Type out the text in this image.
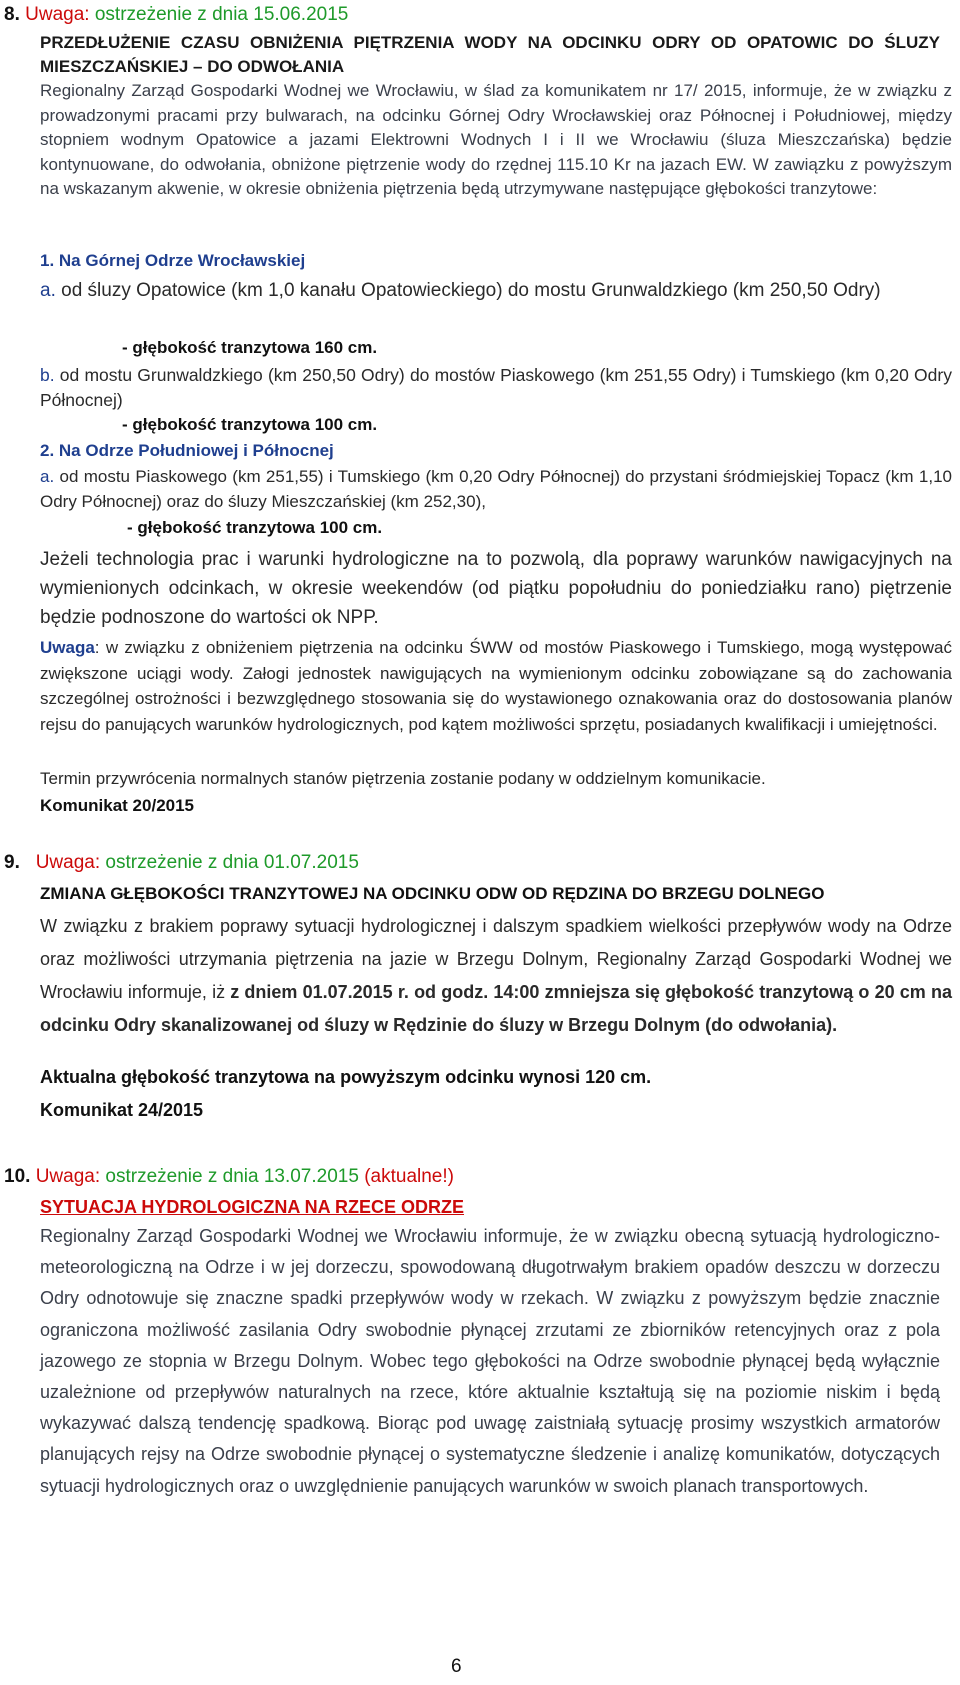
8. Uwaga: ostrzeżenie z dnia 15.06.2015
PRZEDŁUŻENIE CZASU OBNIŻENIA PIĘTRZENIA WODY NA ODCINKU ODRY OD OPATOWIC DO ŚLUZY MIESZCZAŃSKIEJ – DO ODWOŁANIA
Regionalny Zarząd Gospodarki Wodnej we Wrocławiu, w ślad za komunikatem nr 17/ 2015, informuje, że w związku z prowadzonymi pracami przy bulwarach, na odcinku Górnej Odry Wrocławskiej oraz Północnej i Południowej, między stopniem wodnym Opatowice a jazami Elektrowni Wodnych I i II we Wrocławiu (śluza Mieszczańska) będzie kontynuowane, do odwołania, obniżone piętrzenie wody do rzędnej 115.10 Kr na jazach EW. W zawiązku z powyższym na wskazanym akwenie, w okresie obniżenia piętrzenia będą utrzymywane następujące głębokości tranzytowe:
1. Na Górnej Odrze Wrocławskiej
a. od śluzy Opatowice (km 1,0 kanału Opatowieckiego) do mostu Grunwaldzkiego (km 250,50 Odry)
- głębokość tranzytowa 160 cm.
b. od mostu Grunwaldzkiego (km 250,50 Odry) do mostów Piaskowego (km 251,55 Odry) i Tumskiego (km 0,20 Odry Północnej)
- głębokość tranzytowa 100 cm.
2. Na Odrze Południowej i Północnej
a. od mostu Piaskowego (km 251,55) i Tumskiego (km 0,20 Odry Północnej) do przystani śródmiejskiej Topacz (km 1,10 Odry Północnej) oraz do śluzy Mieszczańskiej (km 252,30),
- głębokość tranzytowa 100 cm.
Jeżeli technologia prac i warunki hydrologiczne na to pozwolą, dla poprawy warunków nawigacyjnych na wymienionych odcinkach, w okresie weekendów (od piątku popołudniu do poniedziałku rano) piętrzenie będzie podnoszone do wartości ok NPP.
Uwaga: w związku z obniżeniem piętrzenia na odcinku ŚWW od mostów Piaskowego i Tumskiego, mogą występować zwiększone uciągi wody. Załogi jednostek nawigujących na wymienionym odcinku zobowiązane są do zachowania szczególnej ostrożności i bezwzględnego stosowania się do wystawionego oznakowania oraz do dostosowania planów rejsu do panujących warunków hydrologicznych, pod kątem możliwości sprzętu, posiadanych kwalifikacji i umiejętności.
Termin przywrócenia normalnych stanów piętrzenia zostanie podany w oddzielnym komunikacie.
Komunikat 20/2015
9. Uwaga: ostrzeżenie z dnia 01.07.2015
ZMIANA GŁĘBOKOŚCI TRANZYTOWEJ NA ODCINKU ODW OD RĘDZINA DO BRZEGU DOLNEGO
W związku z brakiem poprawy sytuacji hydrologicznej i dalszym spadkiem wielkości przepływów wody na Odrze oraz możliwości utrzymania piętrzenia na jazie w Brzegu Dolnym, Regionalny Zarząd Gospodarki Wodnej we Wrocławiu informuje, iż z dniem 01.07.2015 r. od godz. 14:00 zmniejsza się głębokość tranzytową o 20 cm na odcinku Odry skanalizowanej od śluzy w Rędzinie do śluzy w Brzegu Dolnym (do odwołania).
Aktualna głębokość tranzytowa na powyższym odcinku wynosi 120 cm.
Komunikat 24/2015
10. Uwaga: ostrzeżenie z dnia 13.07.2015 (aktualne!)
SYTUACJA HYDROLOGICZNA NA RZECE ODRZE
Regionalny Zarząd Gospodarki Wodnej we Wrocławiu informuje, że w związku obecną sytuacją hydrologiczno-meteorologiczną na Odrze i w jej dorzeczu, spowodowaną długotrwałym brakiem opadów deszczu w dorzeczu Odry odnotowuje się znaczne spadki przepływów wody w rzekach. W związku z powyższym będzie znacznie ograniczona możliwość zasilania Odry swobodnie płynącej zrzutami ze zbiorników retencyjnych oraz z pola jazowego ze stopnia w Brzegu Dolnym. Wobec tego głębokości na Odrze swobodnie płynącej będą wyłącznie uzależnione od przepływów naturalnych na rzece, które aktualnie kształtują się na poziomie niskim i będą wykazywać dalszą tendencję spadkową. Biorąc pod uwagę zaistniałą sytuację prosimy wszystkich armatorów planujących rejsy na Odrze swobodnie płynącej o systematyczne śledzenie i analizę komunikatów, dotyczących sytuacji hydrologicznych oraz o uwzględnienie panujących warunków w swoich planach transportowych.
6
